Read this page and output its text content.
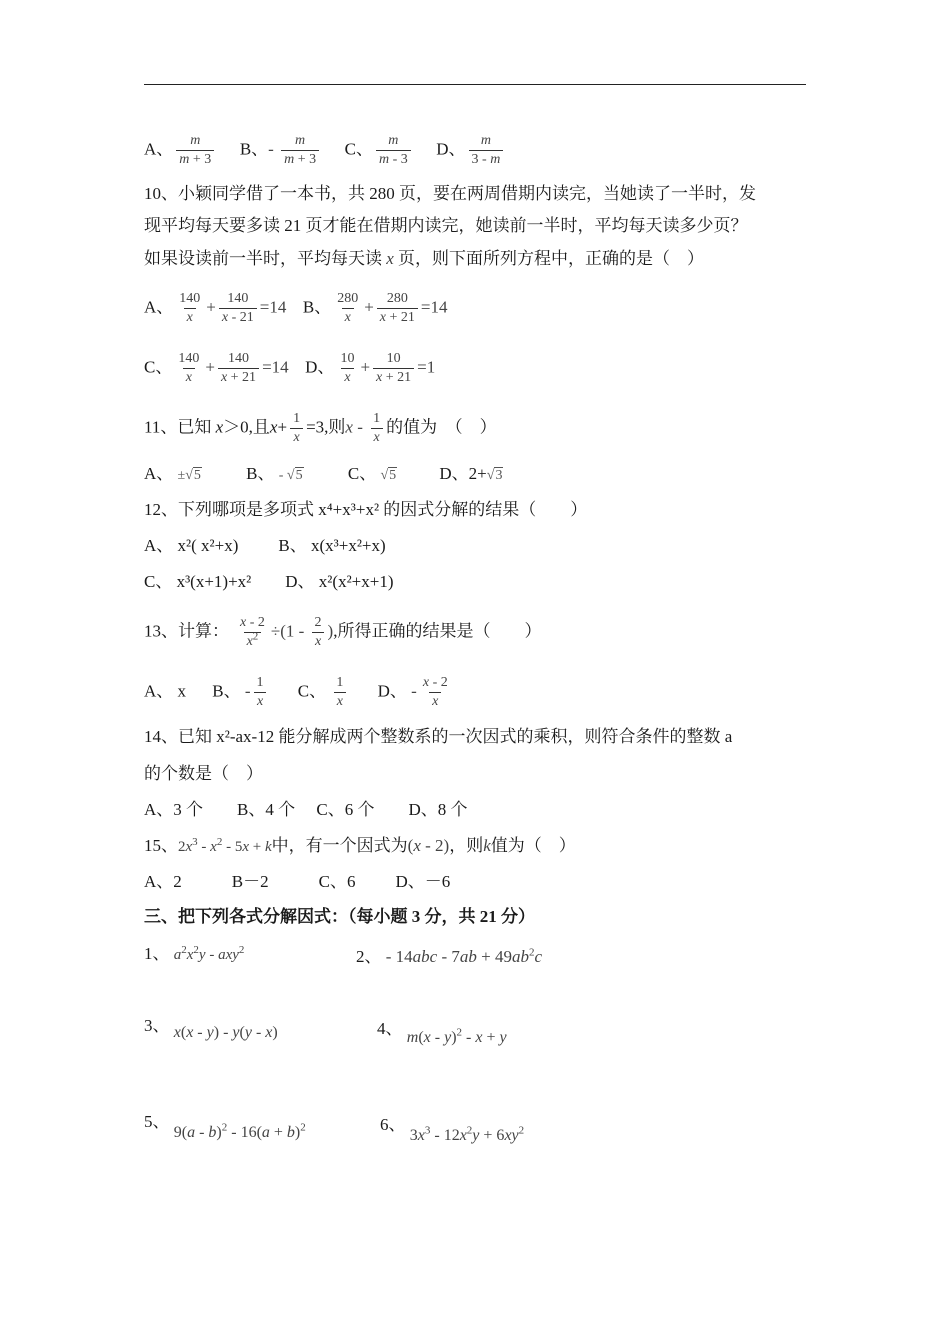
A、 $\frac{m}{m + 3}$ B、- $\frac{m}{m + 3}$ C、 $\frac{m}{m - 3}$ D、 $\frac{m}{3 - m}$
10、小颖同学借了一本书，共 280 页，要在两周借期内读完，当她读了一半时，发
现平均每天要多读 21 页才能在借期内读完，她读前一半时，平均每天读多少页？
如果设读前一半时，平均每天读 x 页，则下面所列方程中，正确的是（　）
A、 $\frac{140}{x} + \frac{140}{x - 21} =14$  B、 $\frac{280}{x} + \frac{280}{x + 21} =14$
C、 $\frac{140}{x} + \frac{140}{x + 21} =14$  D、 $\frac{10}{x} + \frac{10}{x + 21} =1$
11、已知 x＞0,且$x+ \frac{1}{x} =3$,则x - $\frac{1}{x}$ 的值为　（　）
A、 ±√5	B、 - √5	C、 √5	D、2+√3
12、下列哪项是多项式 x⁴+x³+x² 的因式分解的结果（　　）
A、 x²( x²+x) B、 x(x³+x²+x)
C、 x³(x+1)+x² D、 x²(x²+x+1)
13、计算： $\frac{x - 2}{x^2} \div(1 - \frac{2}{x}$ ),所得正确的结果是（　　）
A、 x B、 - $\frac{1}{x}$ C、 $\frac{1}{x}$ D、 - $\frac{x - 2}{x}$
14、已知 x²-ax-12 能分解成两个整数系的一次因式的乘积，则符合条件的整数 a
的个数是（　）
A、3 个　　B、4 个　 C、6 个　　D、8 个
15、$2x^3 - x^2 - 5x + k$中，有一个因式为(x - 2)，则k值为（　）
A、2	B－2	C、6 D、－6
三、把下列各式分解因式：（每小题 3 分，共 21 分）
1、 $a^2x^2y - axy^2$	2、 - $14abc - 7ab + 49ab^2c$
3、 x(x - y) - y(y - x)	4、 m(x - y)$^2$ - x + y
5、 $9(a - b)^2 - 16(a + b)^2$	6、 $3x^3 - 12x^2y + 6xy^2$
